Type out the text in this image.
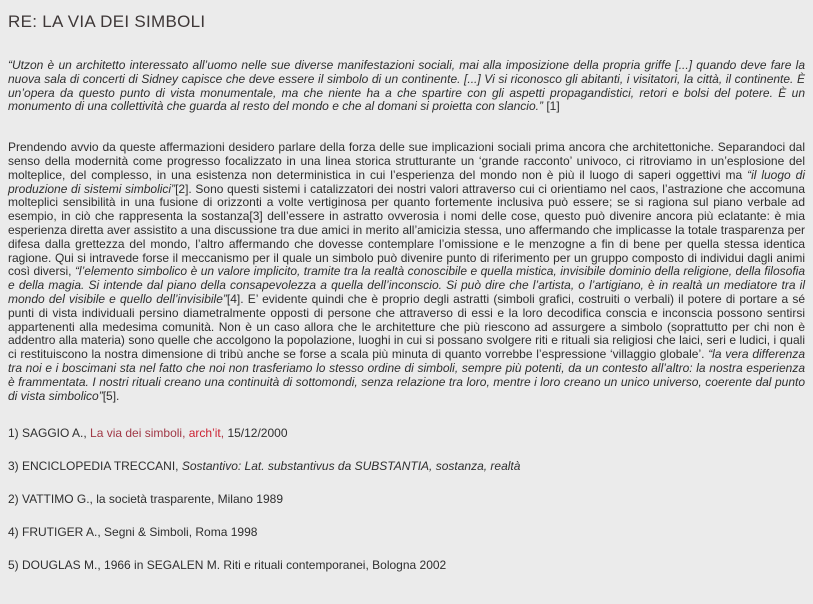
RE: LA VIA DEI SIMBOLI

“Utzon è un architetto interessato all’uomo nelle sue diverse manifestazioni sociali, mai alla imposizione della propria griffe [...] quando deve fare la nuova sala di concerti di Sidney capisce che deve essere il simbolo di un continente. [...] Vi si riconosco gli abitanti, i visitatori, la città, il continente. È un’opera da questo punto di vista monumentale, ma che niente ha a che spartire con gli aspetti propagandistici, retori e bolsi del potere. È un monumento di una collettività che guarda al resto del mondo e che al domani si proietta con slancio.” [1]

Prendendo avvio da queste affermazioni desidero parlare della forza delle sue implicazioni sociali prima ancora che architettoniche. Separandoci dal senso della modernità come progresso focalizzato in una linea storica strutturante un ‘grande racconto’ univoco, ci ritroviamo in un’esplosione del molteplice, del complesso, in una esistenza non deterministica in cui l’esperienza del mondo non è più il luogo di saperi oggettivi ma “il luogo di produzione di sistemi simbolici”[2]. Sono questi sistemi i catalizzatori dei nostri valori attraverso cui ci orientiamo nel caos, l’astrazione che accomuna molteplici sensibilità in una fusione di orizzonti a volte vertiginosa per quanto fortemente inclusiva può essere; se si ragiona sul piano verbale ad esempio, in ciò che rappresenta la sostanza[3] dell’essere in astratto ovverosia i nomi delle cose, questo può divenire ancora più eclatante: è mia esperienza diretta aver assistito a una discussione tra due amici in merito all’amicizia stessa, uno affermando che implicasse la totale trasparenza per difesa dalla grettezza del mondo, l’altro affermando che dovesse contemplare l’omissione e le menzogne a fin di bene per quella stessa identica ragione. Qui si intravede forse il meccanismo per il quale un simbolo può divenire punto di riferimento per un gruppo composto di individui dagli animi così diversi, “l’elemento simbolico è un valore implicito, tramite tra la realtà conoscibile e quella mistica, invisibile dominio della religione, della filosofia e della magia. Si intende dal piano della consapevolezza a quella dell’inconscio. Si può dire che l’artista, o l’artigiano, è in realtà un mediatore tra il mondo del visibile e quello dell’invisibile”[4]. E’ evidente quindi che è proprio degli astratti (simboli grafici, costruiti o verbali) il potere di portare a sé punti di vista individuali persino diametralmente opposti di persone che attraverso di essi e la loro decodifica conscia e inconscia possono sentirsi appartenenti alla medesima comunità. Non è un caso allora che le architetture che più riescono ad assurgere a simbolo (soprattutto per chi non è addentro alla materia) sono quelle che accolgono la popolazione, luoghi in cui si possano svolgere riti e rituali sia religiosi che laici, seri e ludici, i quali ci restituiscono la nostra dimensione di tribù anche se forse a scala più minuta di quanto vorrebbe l’espressione ‘villaggio globale’. “la vera differenza tra noi e i boscimani sta nel fatto che noi non trasferiamo lo stesso ordine di simboli, sempre più potenti, da un contesto all’altro: la nostra esperienza è frammentata. I nostri rituali creano una continuità di sottomondi, senza relazione tra loro, mentre i loro creano un unico universo, coerente dal punto di vista simbolico”[5].

1) SAGGIO A., La via dei simboli, arch’it, 15/12/2000

3) ENCICLOPEDIA TRECCANI, Sostantivo: Lat. substantivus da SUBSTANTIA, sostanza, realtà

2) VATTIMO G., la società trasparente, Milano 1989

4) FRUTIGER A., Segni & Simboli, Roma 1998

5) DOUGLAS M., 1966 in SEGALEN M. Riti e rituali contemporanei, Bologna 2002
